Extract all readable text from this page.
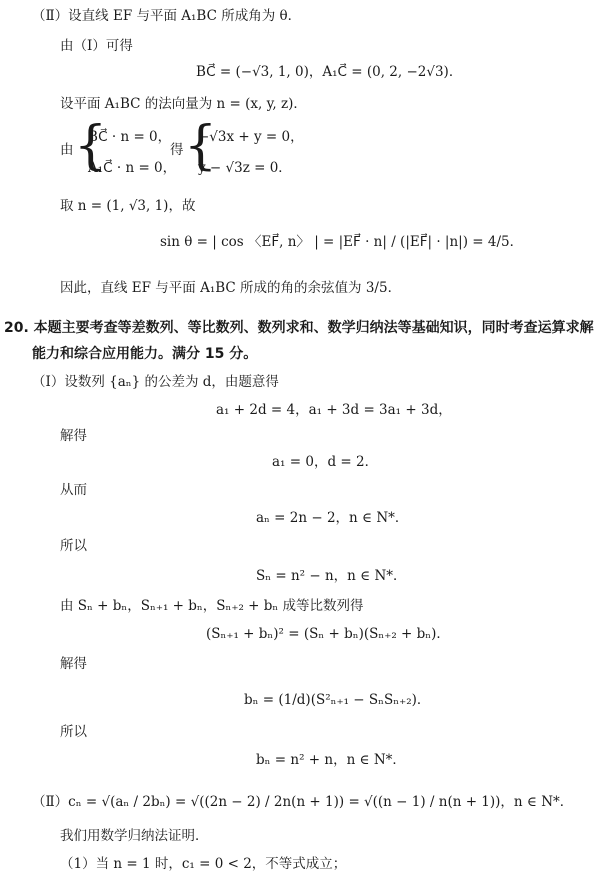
（Ⅱ）设直线 EF 与平面 A₁BC 所成角为 θ．
由（Ⅰ）可得
BC⃗ = (−√3, 1, 0)，A₁C⃗ = (0, 2, −2√3)．
设平面 A₁BC 的法向量为 n = (x, y, z)．
由 {
BC⃗ · n = 0，
A₁C⃗ · n = 0，
得 {
−√3x + y = 0，
y − √3z = 0．
取 n = (1, √3, 1)，故
sin θ = | cos 〈EF⃗, n〉 | = |EF⃗ · n| / (|EF⃗| · |n|) = 4/5．
因此，直线 EF 与平面 A₁BC 所成的角的余弦值为 3/5．
20. 本题主要考查等差数列、等比数列、数列求和、数学归纳法等基础知识，同时考查运算求解
能力和综合应用能力。满分 15 分。
（Ⅰ）设数列 {aₙ} 的公差为 d，由题意得
a₁ + 2d = 4，a₁ + 3d = 3a₁ + 3d，
解得
a₁ = 0，d = 2．
从而
aₙ = 2n − 2，n ∈ N*．
所以
Sₙ = n² − n，n ∈ N*．
由 Sₙ + bₙ，Sₙ₊₁ + bₙ，Sₙ₊₂ + bₙ 成等比数列得
(Sₙ₊₁ + bₙ)² = (Sₙ + bₙ)(Sₙ₊₂ + bₙ)．
解得
bₙ = (1/d)(S²ₙ₊₁ − SₙSₙ₊₂)．
所以
bₙ = n² + n，n ∈ N*．
（Ⅱ）cₙ = √(aₙ / 2bₙ) = √((2n − 2) / 2n(n + 1)) = √((n − 1) / n(n + 1))，n ∈ N*．
我们用数学归纳法证明．
（1）当 n = 1 时，c₁ = 0 < 2，不等式成立；
